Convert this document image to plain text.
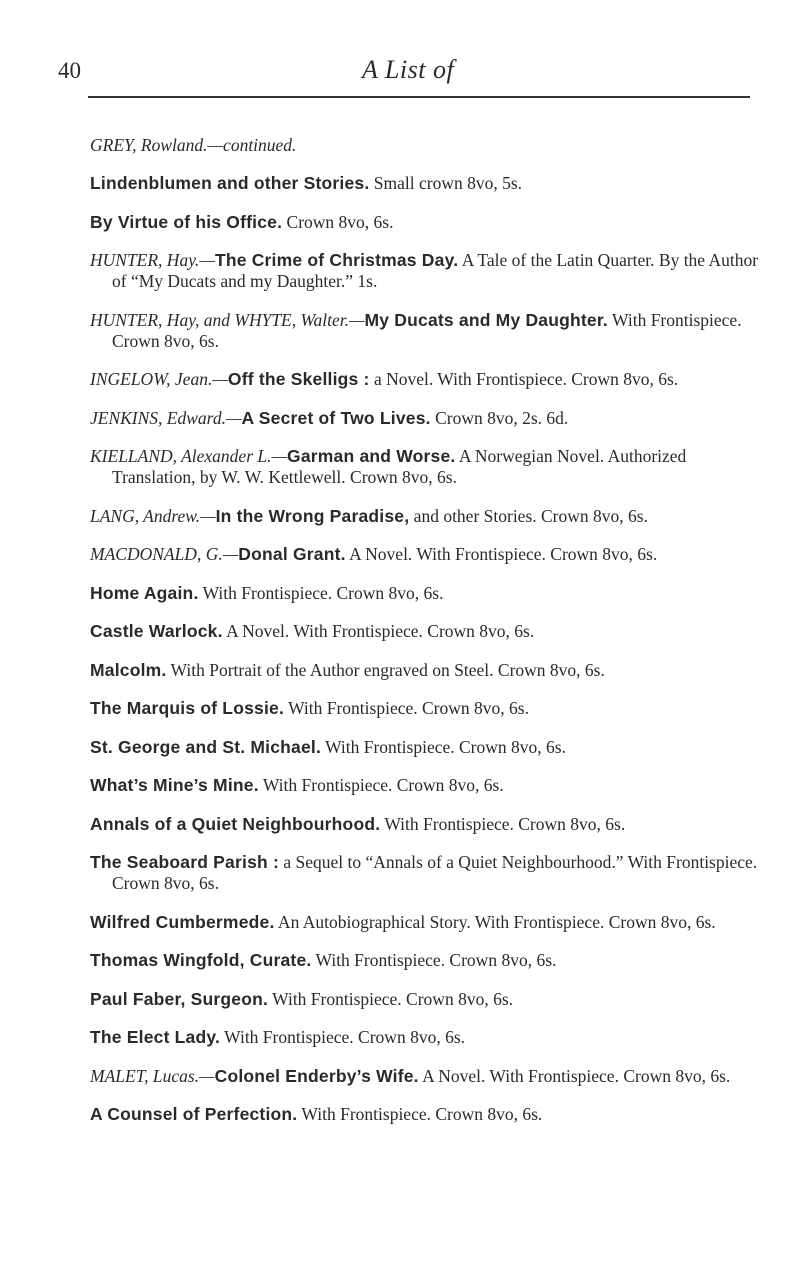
40	A List of

GREY, Rowland.—continued.

Lindenblumen and other Stories. Small crown 8vo, 5s.

By Virtue of his Office. Crown 8vo, 6s.

HUNTER, Hay.—The Crime of Christmas Day. A Tale of the Latin Quarter. By the Author of “My Ducats and my Daughter.” 1s.

HUNTER, Hay, and WHYTE, Walter.—My Ducats and My Daughter. With Frontispiece. Crown 8vo, 6s.

INGELOW, Jean.—Off the Skelligs : a Novel. With Frontispiece. Crown 8vo, 6s.

JENKINS, Edward.—A Secret of Two Lives. Crown 8vo, 2s. 6d.

KIELLAND, Alexander L.—Garman and Worse. A Norwegian Novel. Authorized Translation, by W. W. Kettlewell. Crown 8vo, 6s.

LANG, Andrew.—In the Wrong Paradise, and other Stories. Crown 8vo, 6s.

MACDONALD, G.—Donal Grant. A Novel. With Frontispiece. Crown 8vo, 6s.

Home Again. With Frontispiece. Crown 8vo, 6s.

Castle Warlock. A Novel. With Frontispiece. Crown 8vo, 6s.

Malcolm. With Portrait of the Author engraved on Steel. Crown 8vo, 6s.

The Marquis of Lossie. With Frontispiece. Crown 8vo, 6s.

St. George and St. Michael. With Frontispiece. Crown 8vo, 6s.

What’s Mine’s Mine. With Frontispiece. Crown 8vo, 6s.

Annals of a Quiet Neighbourhood. With Frontispiece. Crown 8vo, 6s.

The Seaboard Parish : a Sequel to “Annals of a Quiet Neighbourhood.” With Frontispiece. Crown 8vo, 6s.

Wilfred Cumbermede. An Autobiographical Story. With Frontispiece. Crown 8vo, 6s.

Thomas Wingfold, Curate. With Frontispiece. Crown 8vo, 6s.

Paul Faber, Surgeon. With Frontispiece. Crown 8vo, 6s.

The Elect Lady. With Frontispiece. Crown 8vo, 6s.

MALET, Lucas.—Colonel Enderby’s Wife. A Novel. With Frontispiece. Crown 8vo, 6s.

A Counsel of Perfection. With Frontispiece. Crown 8vo, 6s.
